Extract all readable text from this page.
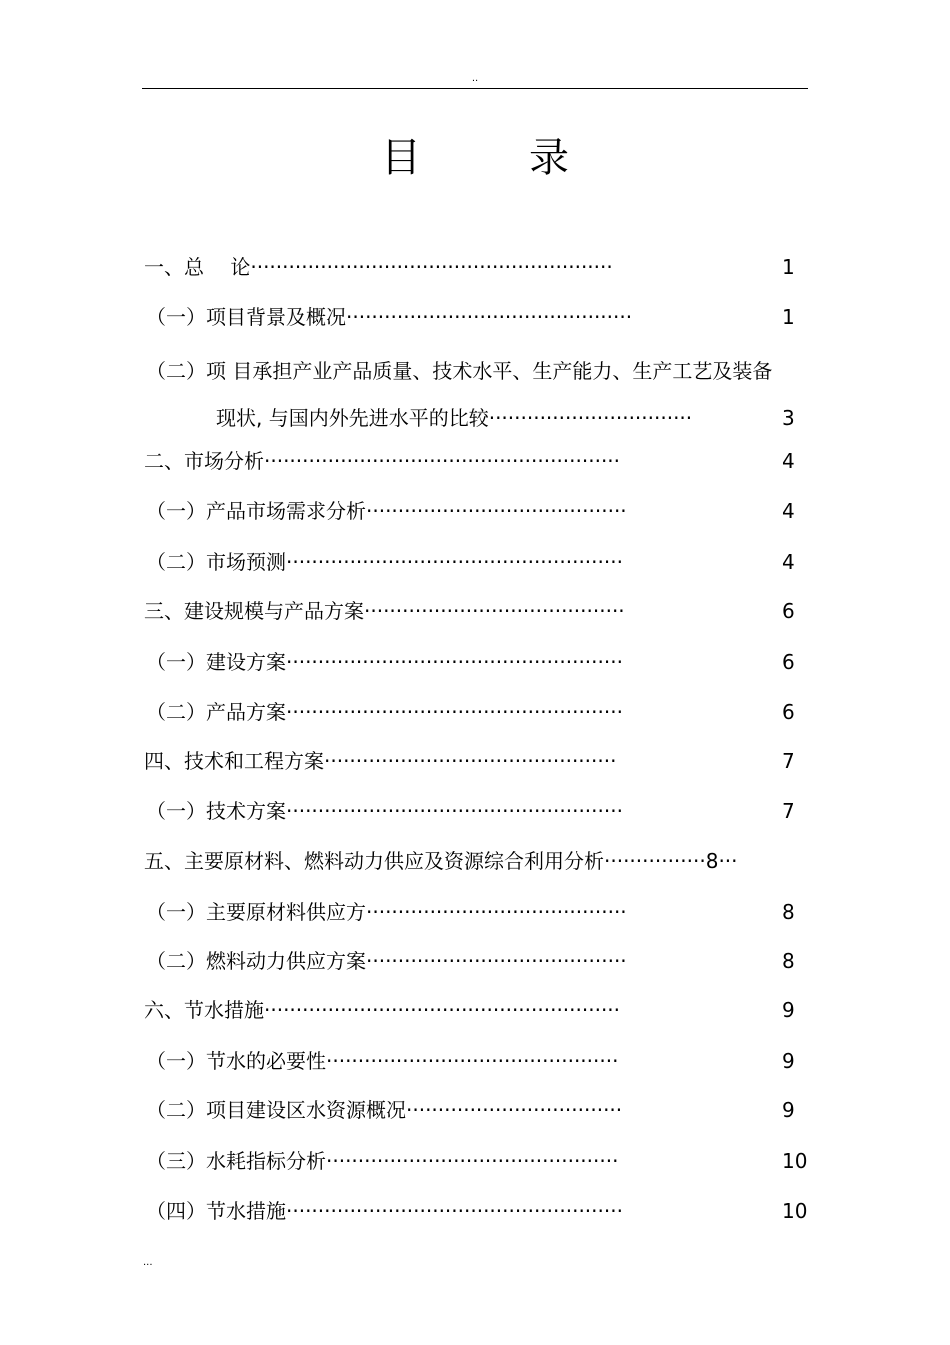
..
目	录
一、总　 论·························································	1
（一）项目背景及概况·············································	1
（二）项 目承担产业产品质量、技术水平、生产能力、生产工艺及装备
现状, 与国内外先进水平的比较································	3
二、市场分析························································	4
（一）产品市场需求分析·········································	4
（二）市场预测·····················································	4
三、建设规模与产品方案·········································	6
（一）建设方案·····················································	6
（二）产品方案·····················································	6
四、技术和工程方案··············································	7
（一）技术方案·····················································	7
五、主要原材料、燃料动力供应及资源综合利用分析················8···
（一）主要原材料供应方·········································	8
（二）燃料动力供应方案·········································	8
六、节水措施························································	9
（一）节水的必要性··············································	9
（二）项目建设区水资源概况··································	9
（三）水耗指标分析··············································	10
（四）节水措施·····················································	10
...
